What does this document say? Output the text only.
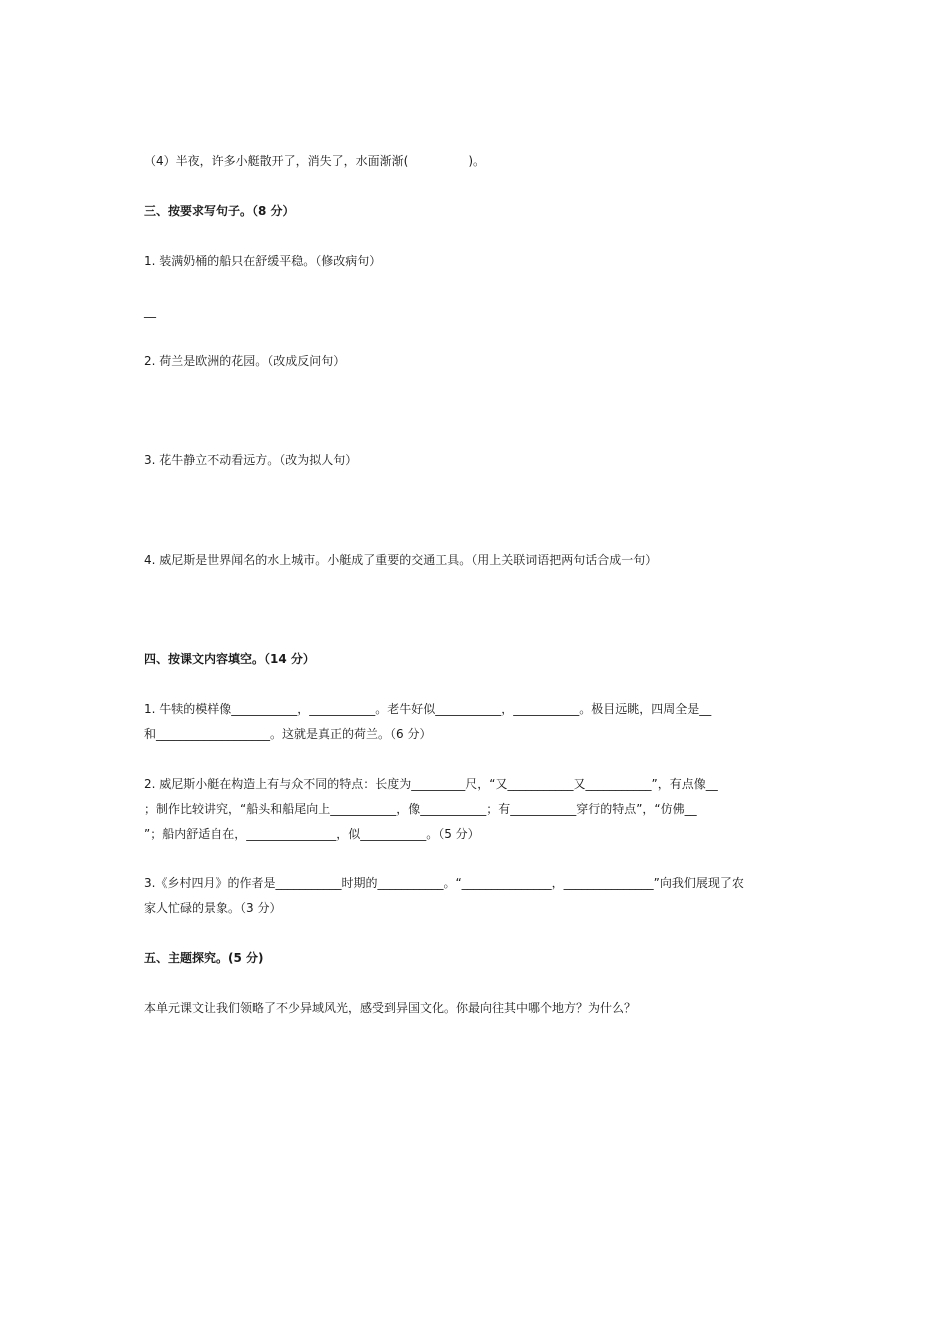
（4）半夜，许多小艇散开了，消失了，水面渐渐(　　　　　)。
三、按要求写句子。（8 分）
1. 装满奶桶的船只在舒缓平稳。（修改病句）
__
2. 荷兰是欧洲的花园。（改成反问句）
3. 花牛静立不动看远方。（改为拟人句）
4. 威尼斯是世界闻名的水上城市。小艇成了重要的交通工具。（用上关联词语把两句话合成一句）
四、按课文内容填空。（14 分）
1. 牛犊的模样像___________，___________。老牛好似___________，___________。极目远眺，四周全是__
和___________________。这就是真正的荷兰。（6 分）
2. 威尼斯小艇在构造上有与众不同的特点：长度为_________尺，“又___________又___________”，有点像__
；制作比较讲究，“船头和船尾向上___________，像___________；有___________穿行的特点”，“仿佛__
”；船内舒适自在，_______________，似___________。（5 分）
3.《乡村四月》的作者是___________时期的___________。“_______________，_______________”向我们展现了农
家人忙碌的景象。（3 分）
五、主题探究。(5 分)
本单元课文让我们领略了不少异域风光，感受到异国文化。你最向往其中哪个地方？为什么？
